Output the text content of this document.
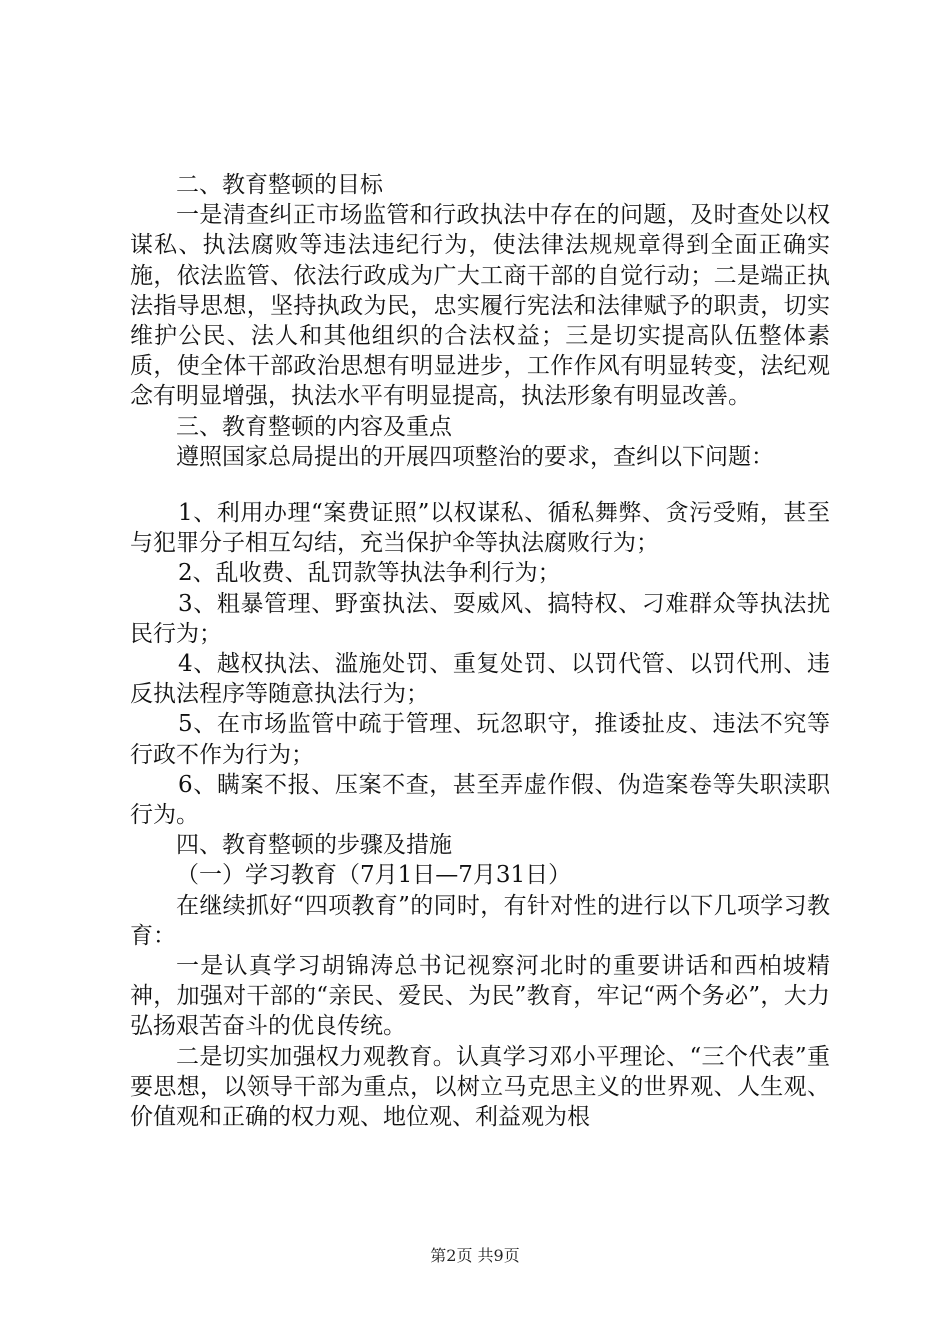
二、教育整顿的目标

一是清查纠正市场监管和行政执法中存在的问题，及时查处以权谋私、执法腐败等违法违纪行为，使法律法规规章得到全面正确实施，依法监管、依法行政成为广大工商干部的自觉行动；二是端正执法指导思想，坚持执政为民，忠实履行宪法和法律赋予的职责，切实维护公民、法人和其他组织的合法权益；三是切实提高队伍整体素质，使全体干部政治思想有明显进步，工作作风有明显转变，法纪观念有明显增强，执法水平有明显提高，执法形象有明显改善。

三、教育整顿的内容及重点

遵照国家总局提出的开展四项整治的要求，查纠以下问题：

1、利用办理“案费证照”以权谋私、循私舞弊、贪污受贿，甚至与犯罪分子相互勾结，充当保护伞等执法腐败行为；

2、乱收费、乱罚款等执法争利行为；

3、粗暴管理、野蛮执法、耍威风、搞特权、刁难群众等执法扰民行为；

4、越权执法、滥施处罚、重复处罚、以罚代管、以罚代刑、违反执法程序等随意执法行为；

5、在市场监管中疏于管理、玩忽职守，推诿扯皮、违法不究等行政不作为行为；

6、瞒案不报、压案不查，甚至弄虚作假、伪造案卷等失职渎职行为。

四、教育整顿的步骤及措施

（一）学习教育（7月1日—7月31日）

在继续抓好“四项教育”的同时，有针对性的进行以下几项学习教育：

一是认真学习胡锦涛总书记视察河北时的重要讲话和西柏坡精神，加强对干部的“亲民、爱民、为民”教育，牢记“两个务必”，大力弘扬艰苦奋斗的优良传统。

二是切实加强权力观教育。认真学习邓小平理论、“三个代表”重要思想，以领导干部为重点，以树立马克思主义的世界观、人生观、价值观和正确的权力观、地位观、利益观为根

第2页 共9页
